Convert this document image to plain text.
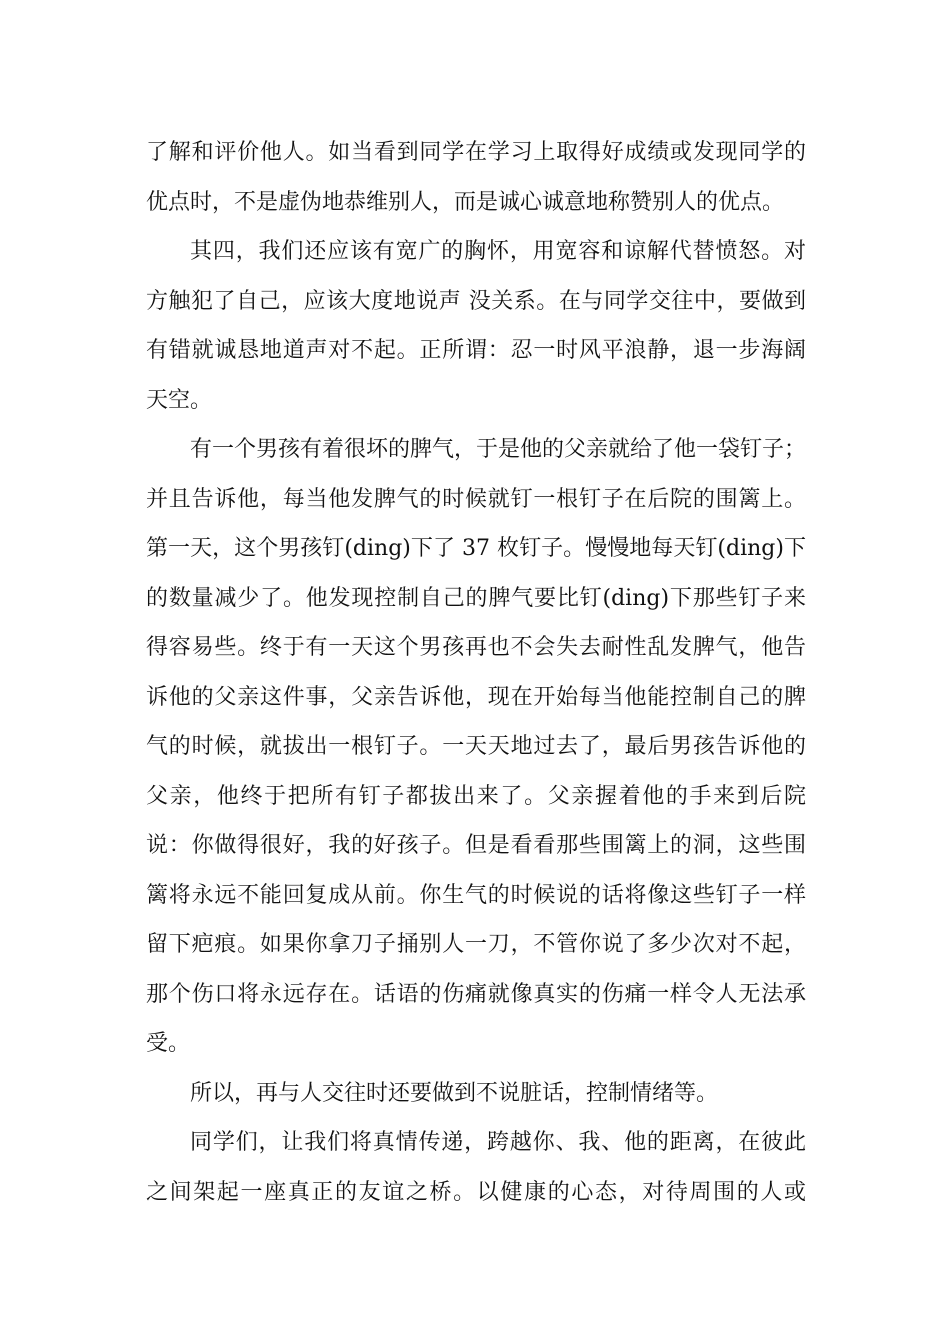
了解和评价他人。如当看到同学在学习上取得好成绩或发现同学的
优点时，不是虚伪地恭维别人，而是诚心诚意地称赞别人的优点。
其四，我们还应该有宽广的胸怀，用宽容和谅解代替愤怒。对
方触犯了自己，应该大度地说声 没关系。在与同学交往中，要做到
有错就诚恳地道声对不起。正所谓：忍一时风平浪静，退一步海阔
天空。
有一个男孩有着很坏的脾气，于是他的父亲就给了他一袋钉子；
并且告诉他，每当他发脾气的时候就钉一根钉子在后院的围篱上。
第一天，这个男孩钉(ding)下了 37 枚钉子。慢慢地每天钉(ding)下
的数量减少了。他发现控制自己的脾气要比钉(ding)下那些钉子来
得容易些。终于有一天这个男孩再也不会失去耐性乱发脾气，他告
诉他的父亲这件事，父亲告诉他，现在开始每当他能控制自己的脾
气的时候，就拔出一根钉子。一天天地过去了，最后男孩告诉他的
父亲，他终于把所有钉子都拔出来了。父亲握着他的手来到后院
说：你做得很好，我的好孩子。但是看看那些围篱上的洞，这些围
篱将永远不能回复成从前。你生气的时候说的话将像这些钉子一样
留下疤痕。如果你拿刀子捅别人一刀，不管你说了多少次对不起，
那个伤口将永远存在。话语的伤痛就像真实的伤痛一样令人无法承
受。
所以，再与人交往时还要做到不说脏话，控制情绪等。
同学们，让我们将真情传递，跨越你、我、他的距离，在彼此
之间架起一座真正的友谊之桥。以健康的心态，对待周围的人或
